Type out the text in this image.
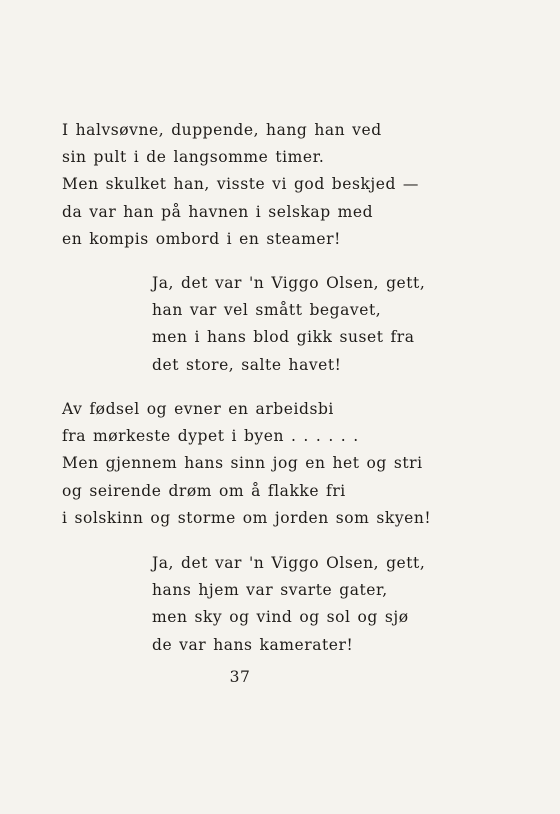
I halvsøvne, duppende, hang han ved
sin pult i de langsomme timer.
Men skulket han, visste vi god beskjed —
da var han på havnen i selskap med
en kompis ombord i en steamer!
Ja, det var 'n Viggo Olsen, gett,
han var vel smått begavet,
men i hans blod gikk suset fra
det store, salte havet!
Av fødsel og evner en arbeidsbi
fra mørkeste dypet i byen . . . . . .
Men gjennem hans sinn jog en het og stri
og seirende drøm om å flakke fri
i solskinn og storme om jorden som skyen!
Ja, det var 'n Viggo Olsen, gett,
hans hjem var svarte gater,
men sky og vind og sol og sjø
de var hans kamerater!
37
